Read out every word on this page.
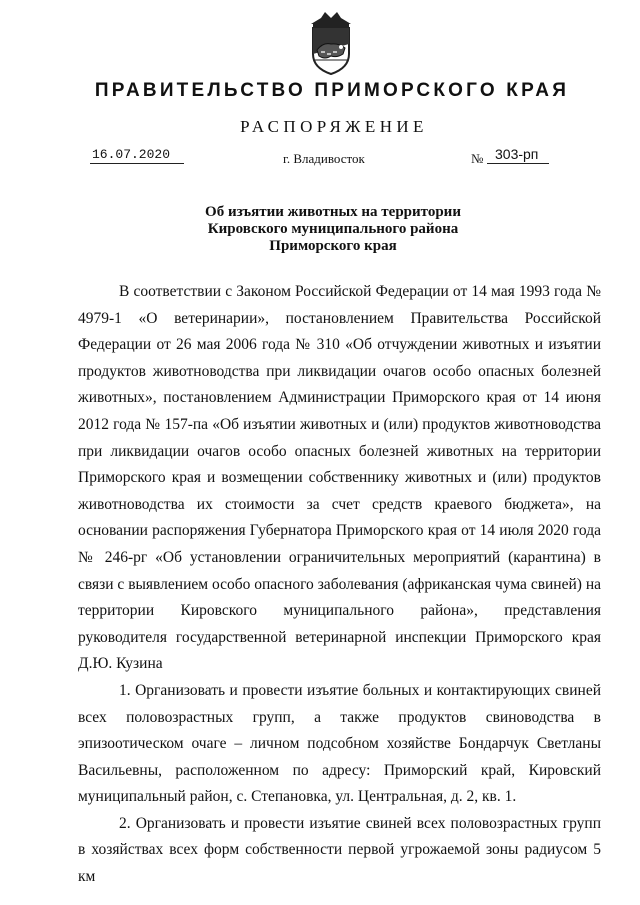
ПРАВИТЕЛЬСТВО ПРИМОРСКОГО КРАЯ
РАСПОРЯЖЕНИЕ
16.07.2020	г. Владивосток	№ 303-рп
Об изъятии животных на территории
Кировского муниципального района
Приморского края

В соответствии с Законом Российской Федерации от 14 мая 1993 года № 4979-1 «О ветеринарии», постановлением Правительства Российской Федерации от 26 мая 2006 года № 310 «Об отчуждении животных и изъятии продуктов животноводства при ликвидации очагов особо опасных болезней животных», постановлением Администрации Приморского края от 14 июня 2012 года № 157-па «Об изъятии животных и (или) продуктов животноводства при ликвидации очагов особо опасных болезней животных на территории Приморского края и возмещении собственнику животных и (или) продуктов животноводства их стоимости за счет средств краевого бюджета», на основании распоряжения Губернатора Приморского края от 14 июля 2020 года № 246-рг «Об установлении ограничительных мероприятий (карантина) в связи с выявлением особо опасного заболевания (африканская чума свиней) на территории Кировского муниципального района», представления руководителя государственной ветеринарной инспекции Приморского края Д.Ю. Кузина

1. Организовать и провести изъятие больных и контактирующих свиней всех половозрастных групп, а также продуктов свиноводства в эпизоотическом очаге – личном подсобном хозяйстве Бондарчук Светланы Васильевны, расположенном по адресу: Приморский край, Кировский муниципальный район, с. Степановка, ул. Центральная, д. 2, кв. 1.

2. Организовать и провести изъятие свиней всех половозрастных групп в хозяйствах всех форм собственности первой угрожаемой зоны радиусом 5 км
